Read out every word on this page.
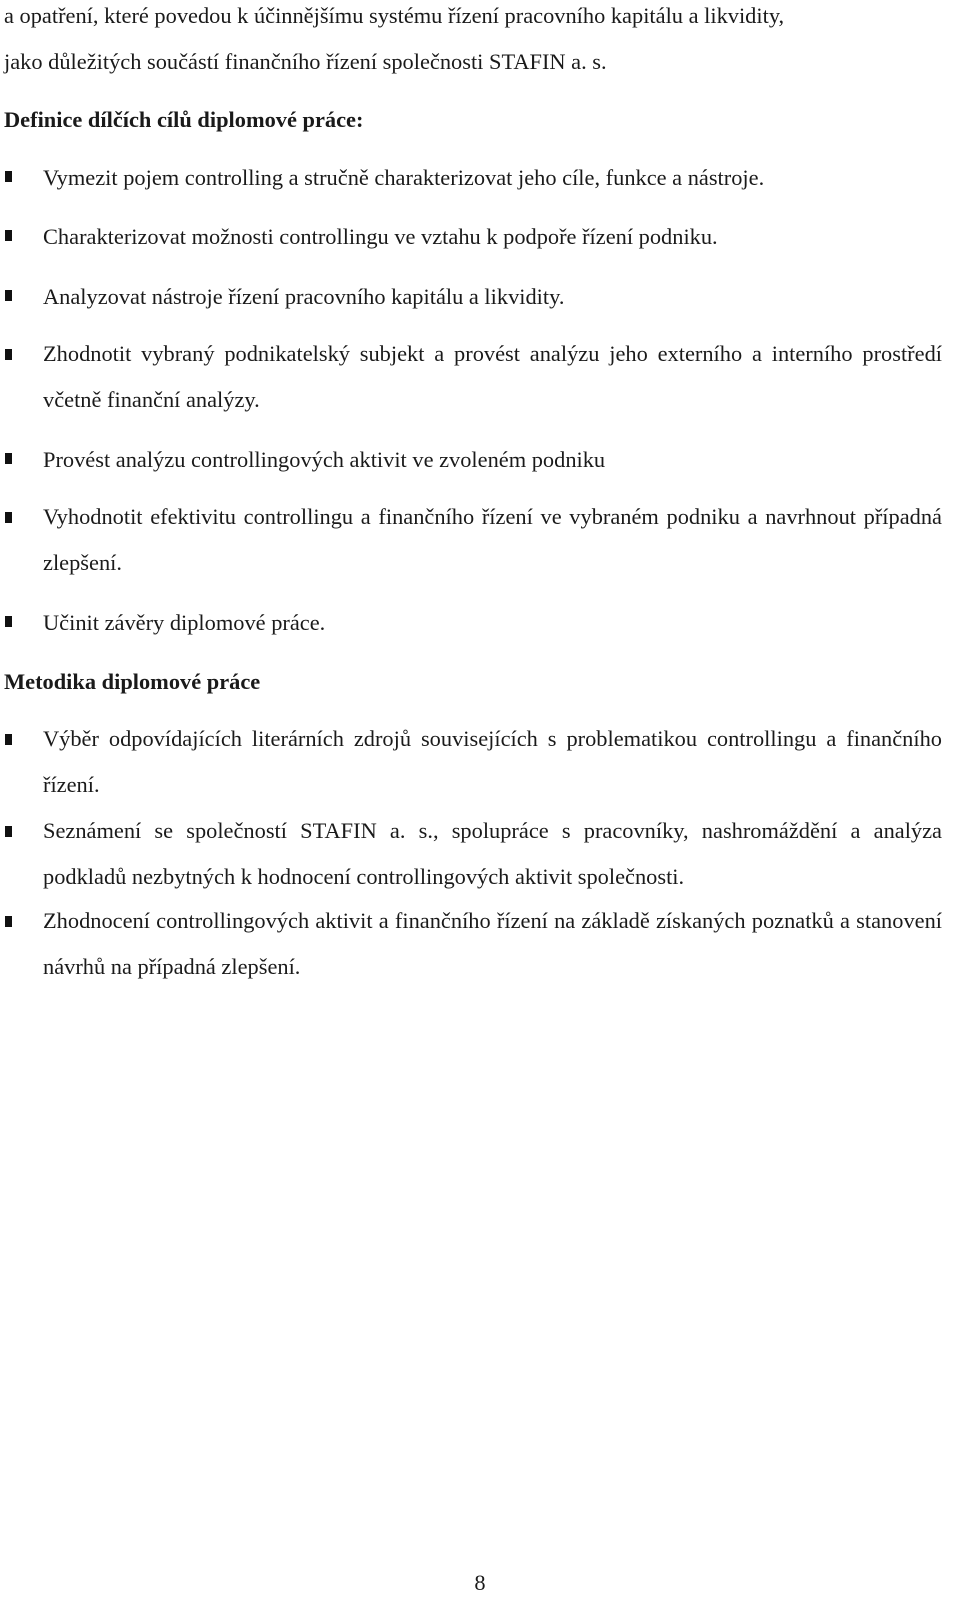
a opatření, které povedou k účinnějšímu systému řízení pracovního kapitálu a likvidity,
jako důležitých součástí finančního řízení společnosti STAFIN a. s.
Definice dílčích cílů diplomové práce:
Vymezit pojem controlling a stručně charakterizovat jeho cíle, funkce a nástroje.
Charakterizovat možnosti controllingu ve vztahu k podpoře řízení podniku.
Analyzovat nástroje řízení pracovního kapitálu a likvidity.
Zhodnotit vybraný podnikatelský subjekt a provést analýzu jeho externího a interního prostředí včetně finanční analýzy.
Provést analýzu controllingových aktivit ve zvoleném podniku
Vyhodnotit efektivitu controllingu a finančního řízení ve vybraném podniku a navrhnout případná zlepšení.
Učinit závěry diplomové práce.
Metodika diplomové práce
Výběr odpovídajících literárních zdrojů souvisejících s problematikou controllingu a finančního řízení.
Seznámení se společností STAFIN a. s., spolupráce s pracovníky, nashromáždění a analýza podkladů nezbytných k hodnocení controllingových aktivit společnosti.
Zhodnocení controllingových aktivit a finančního řízení na základě získaných poznatků a stanovení návrhů na případná zlepšení.
8
